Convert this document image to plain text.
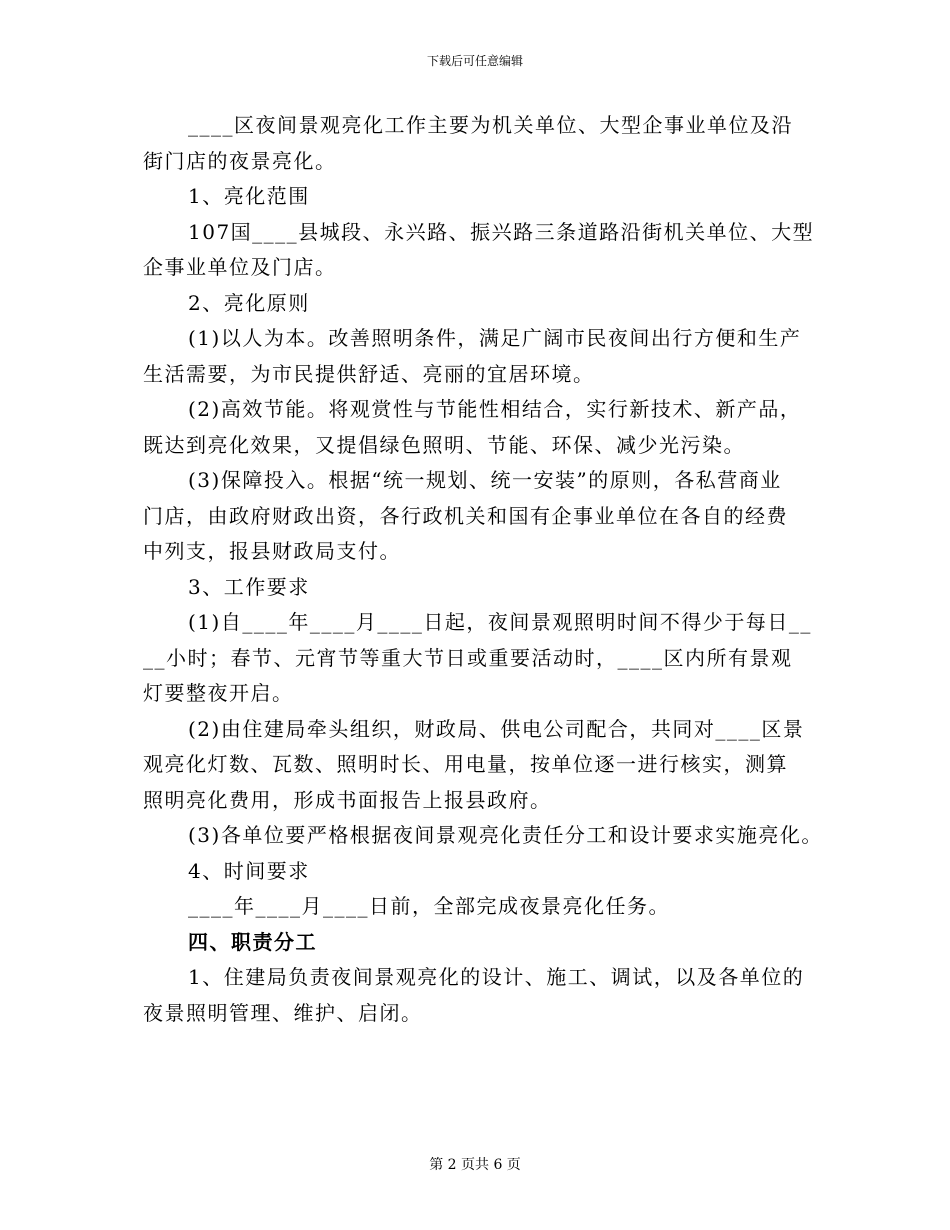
下载后可任意编辑

____区夜间景观亮化工作主要为机关单位、大型企事业单位及沿

街门店的夜景亮化。

1、亮化范围

107国____县城段、永兴路、振兴路三条道路沿街机关单位、大型

企事业单位及门店。

2、亮化原则

(1)以人为本。改善照明条件，满足广阔市民夜间出行方便和生产

生活需要，为市民提供舒适、亮丽的宜居环境。

(2)高效节能。将观赏性与节能性相结合，实行新技术、新产品，

既达到亮化效果，又提倡绿色照明、节能、环保、减少光污染。

(3)保障投入。根据“统一规划、统一安装”的原则，各私营商业

门店，由政府财政出资，各行政机关和国有企事业单位在各自的经费

中列支，报县财政局支付。

3、工作要求

(1)自____年____月____日起，夜间景观照明时间不得少于每日__

__小时；春节、元宵节等重大节日或重要活动时，____区内所有景观

灯要整夜开启。

(2)由住建局牵头组织，财政局、供电公司配合，共同对____区景

观亮化灯数、瓦数、照明时长、用电量，按单位逐一进行核实，测算

照明亮化费用，形成书面报告上报县政府。

(3)各单位要严格根据夜间景观亮化责任分工和设计要求实施亮化。

4、时间要求

____年____月____日前，全部完成夜景亮化任务。

四、职责分工

1、住建局负责夜间景观亮化的设计、施工、调试，以及各单位的

夜景照明管理、维护、启闭。

第 2 页共 6 页
